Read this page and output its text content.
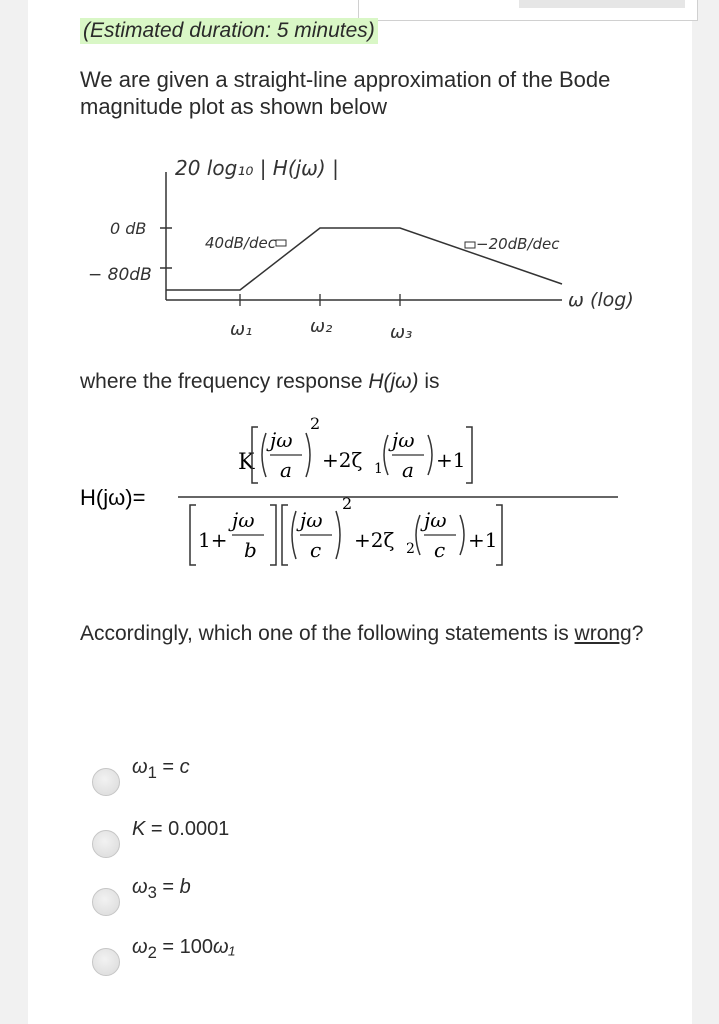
(Estimated duration: 5 minutes)
We are given a straight-line approximation of the Bode magnitude plot as shown below
20 log₁₀ | H(jω) |
0 dB
− 80dB
ω₁	ω₂	ω₃
40dB/dec	−20dB/dec
ω (log)
where the frequency response H(jω) is
H(jω)=
K
jω
a
2
+2ζ 1
jω
a +1
1+
jω
b
jω
c
2
+2ζ 2
jω
c +1
Accordingly, which one of the following statements is wrong?
$\omega_1 = c$
K = 0.0001
$\omega_3 = b$
$\omega_2 = 100\omega_1$
